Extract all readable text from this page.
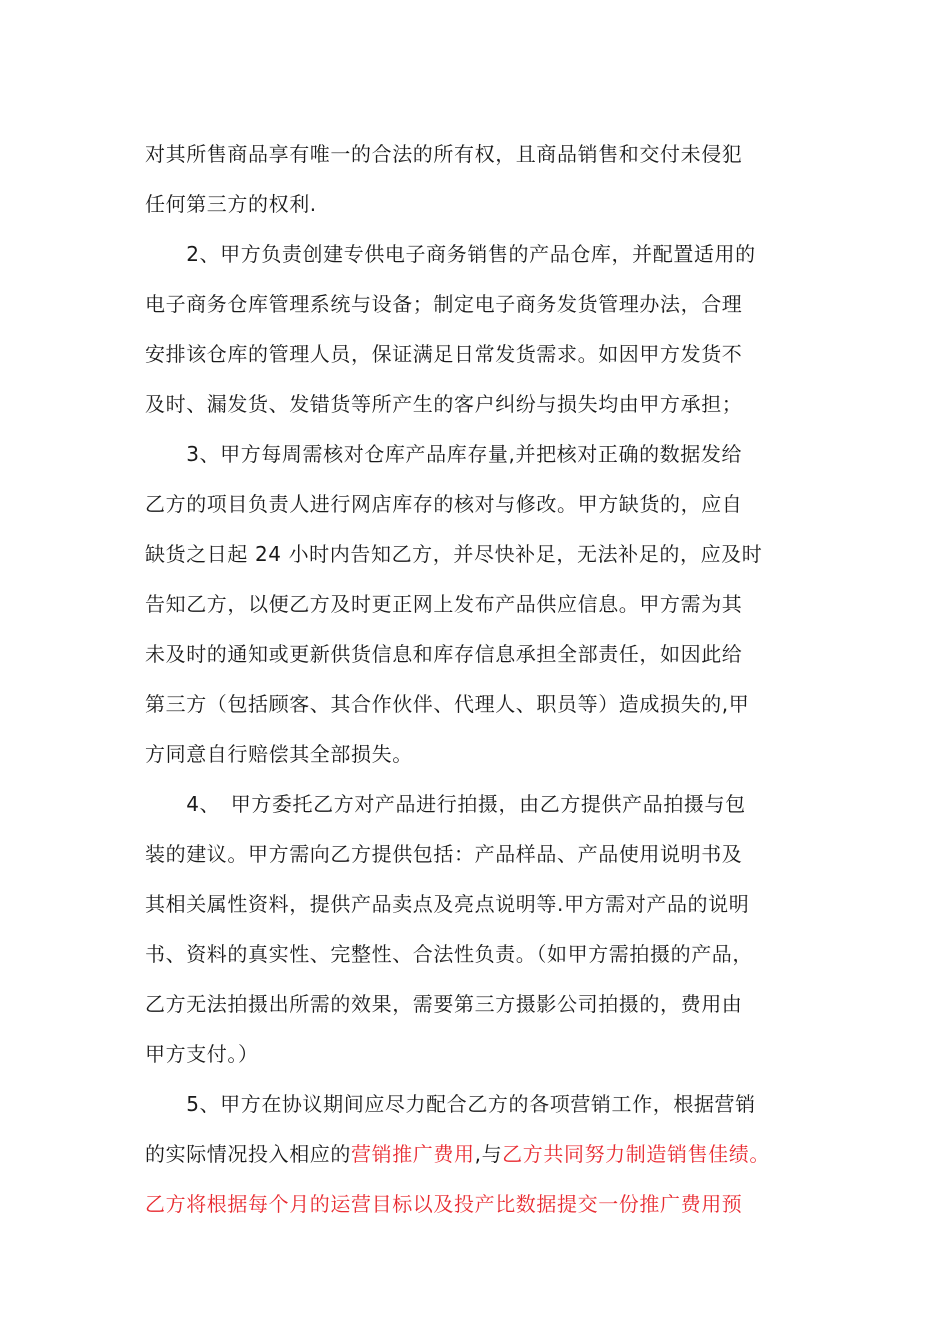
对其所售商品享有唯一的合法的所有权，且商品销售和交付未侵犯
任何第三方的权利.
　　2、甲方负责创建专供电子商务销售的产品仓库，并配置适用的
电子商务仓库管理系统与设备；制定电子商务发货管理办法，合理
安排该仓库的管理人员，保证满足日常发货需求。如因甲方发货不
及时、漏发货、发错货等所产生的客户纠纷与损失均由甲方承担；
　　3、甲方每周需核对仓库产品库存量,并把核对正确的数据发给
乙方的项目负责人进行网店库存的核对与修改。甲方缺货的，应自
缺货之日起 24 小时内告知乙方，并尽快补足，无法补足的，应及时
告知乙方，以便乙方及时更正网上发布产品供应信息。甲方需为其
未及时的通知或更新供货信息和库存信息承担全部责任，如因此给
第三方（包括顾客、其合作伙伴、代理人、职员等）造成损失的,甲
方同意自行赔偿其全部损失。
　　4、　甲方委托乙方对产品进行拍摄，由乙方提供产品拍摄与包
装的建议。甲方需向乙方提供包括：产品样品、产品使用说明书及
其相关属性资料，提供产品卖点及亮点说明等.甲方需对产品的说明
书、资料的真实性、完整性、合法性负责。（如甲方需拍摄的产品，
乙方无法拍摄出所需的效果，需要第三方摄影公司拍摄的，费用由
甲方支付。）
　　5、甲方在协议期间应尽力配合乙方的各项营销工作，根据营销
的实际情况投入相应的营销推广费用,与乙方共同努力制造销售佳绩。
乙方将根据每个月的运营目标以及投产比数据提交一份推广费用预
